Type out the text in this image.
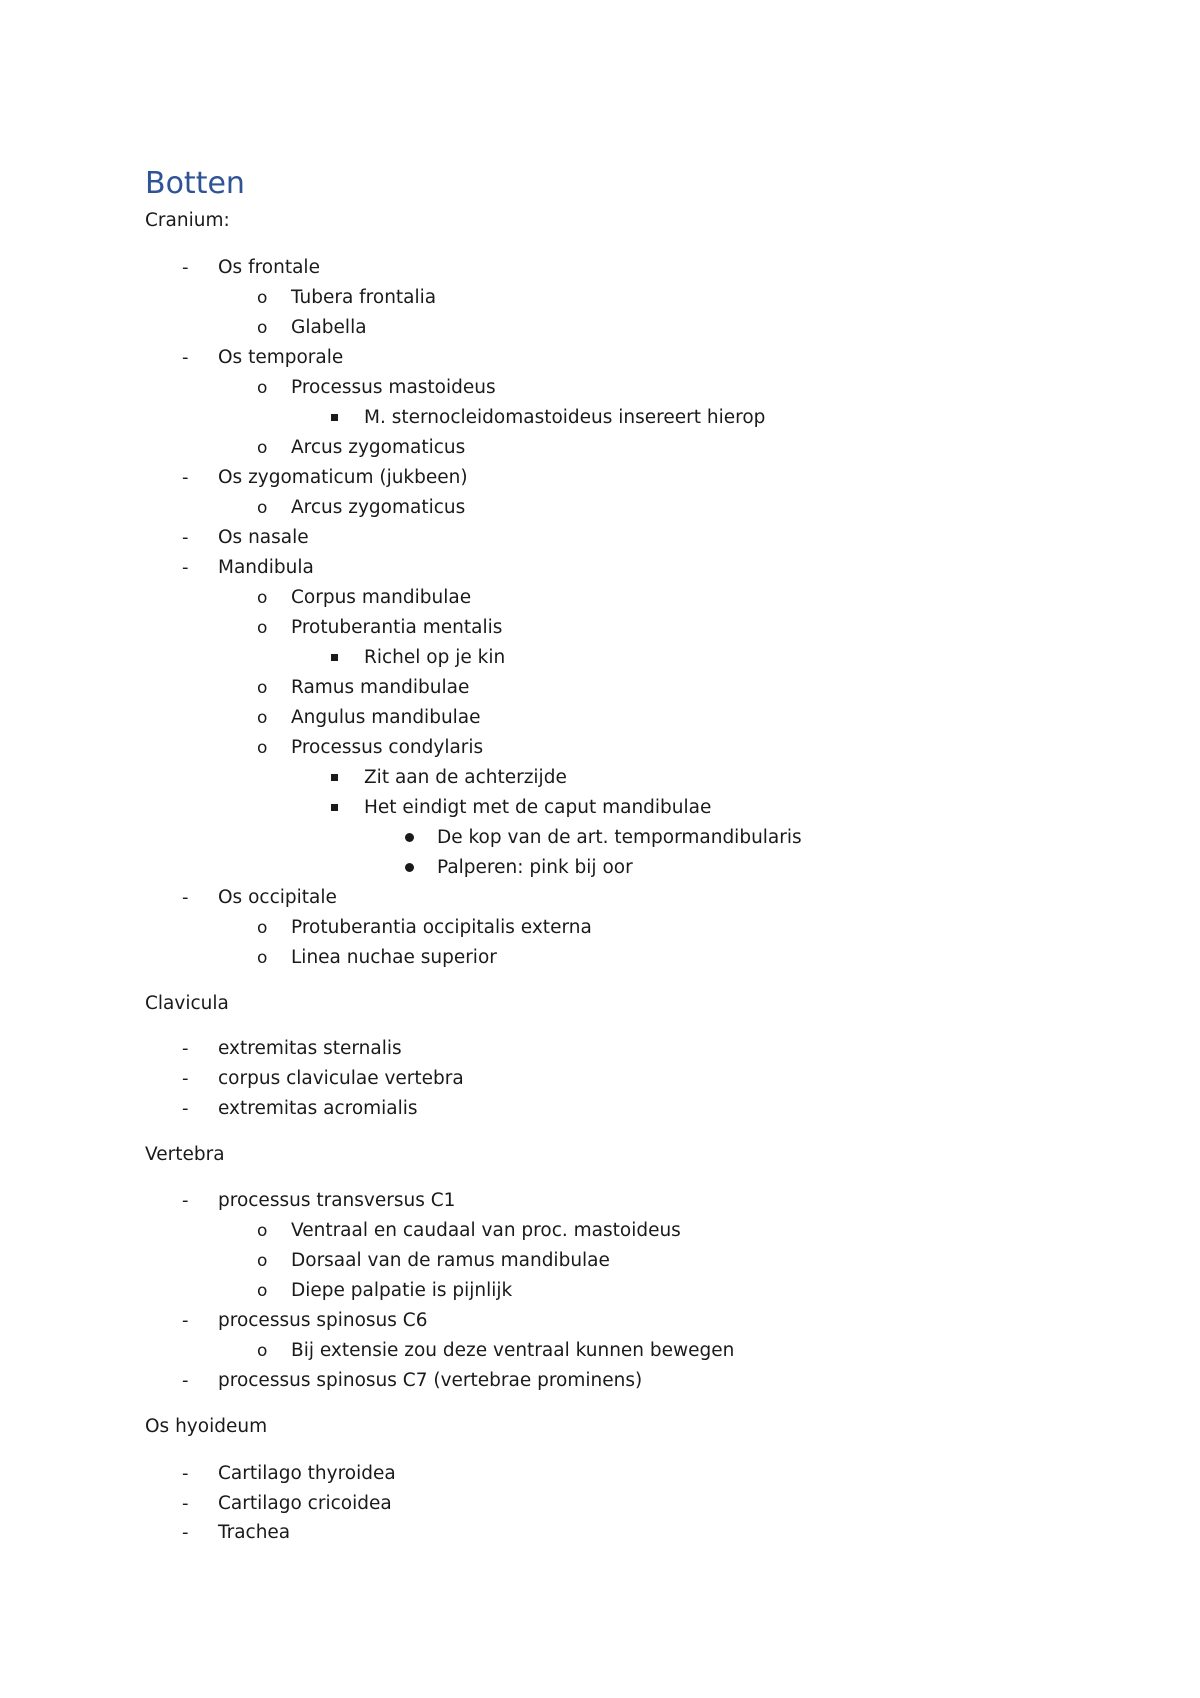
Botten
Cranium:
- Os frontale
o Tubera frontalia
o Glabella
- Os temporale
o Processus mastoideus
M. sternocleidomastoideus insereert hierop
o Arcus zygomaticus
- Os zygomaticum (jukbeen)
o Arcus zygomaticus
- Os nasale
- Mandibula
o Corpus mandibulae
o Protuberantia mentalis
Richel op je kin
o Ramus mandibulae
o Angulus mandibulae
o Processus condylaris
Zit aan de achterzijde
Het eindigt met de caput mandibulae
De kop van de art. tempormandibularis
Palperen: pink bij oor
- Os occipitale
o Protuberantia occipitalis externa
o Linea nuchae superior
Clavicula
- extremitas sternalis
- corpus claviculae vertebra
- extremitas acromialis
Vertebra
- processus transversus C1
o Ventraal en caudaal van proc. mastoideus
o Dorsaal van de ramus mandibulae
o Diepe palpatie is pijnlijk
- processus spinosus C6
o Bij extensie zou deze ventraal kunnen bewegen
- processus spinosus C7 (vertebrae prominens)
Os hyoideum
- Cartilago thyroidea
- Cartilago cricoidea
- Trachea
